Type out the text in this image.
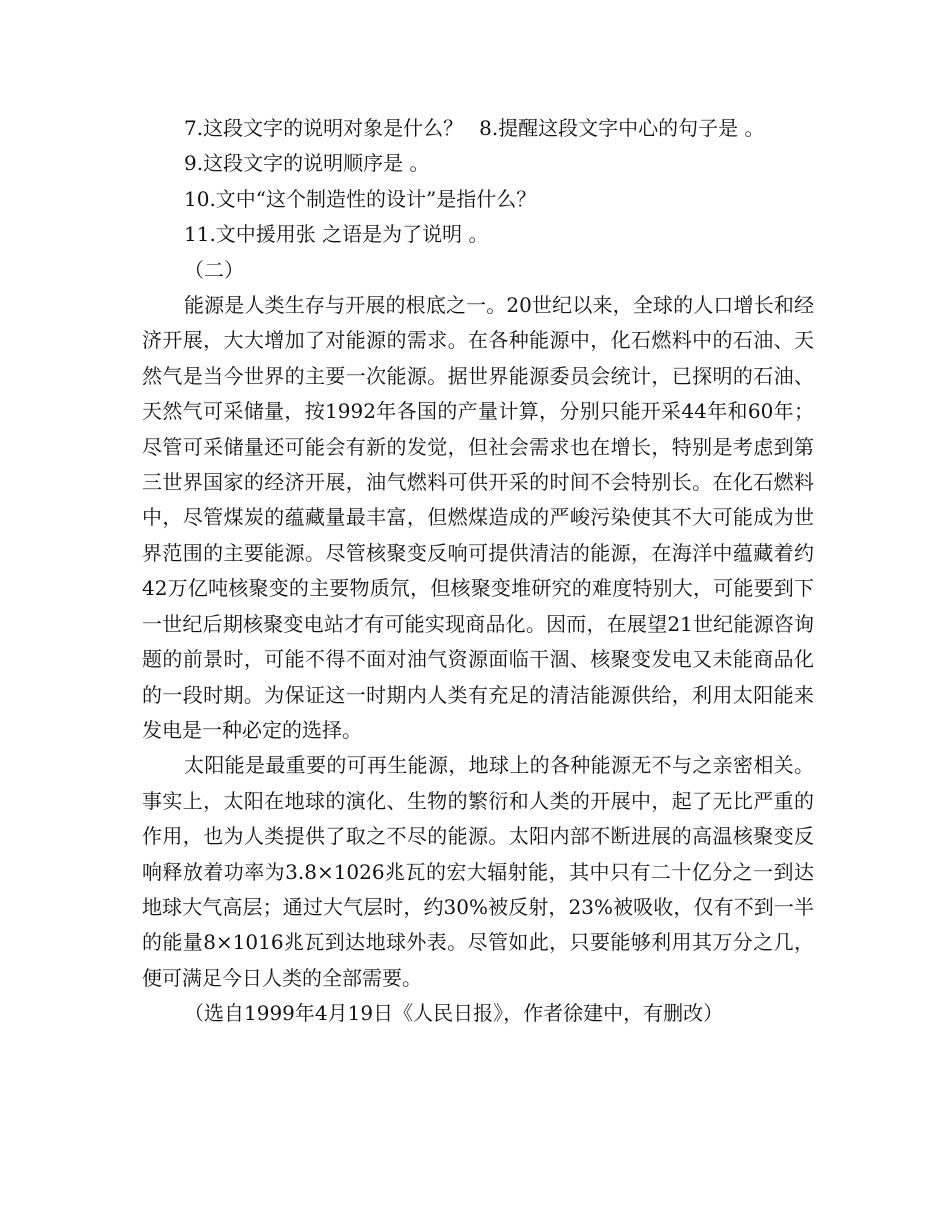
7.这段文字的说明对象是什么？ 8.提醒这段文字中心的句子是 。

9.这段文字的说明顺序是 。

10.文中“这个制造性的设计”是指什么？

11.文中援用张 之语是为了说明 。

（二）

能源是人类生存与开展的根底之一。20世纪以来，全球的人口增长和经济开展，大大增加了对能源的需求。在各种能源中，化石燃料中的石油、天然气是当今世界的主要一次能源。据世界能源委员会统计，已探明的石油、天然气可采储量，按1992年各国的产量计算，分别只能开采44年和60年；尽管可采储量还可能会有新的发觉，但社会需求也在增长，特别是考虑到第三世界国家的经济开展，油气燃料可供开采的时间不会特别长。在化石燃料中，尽管煤炭的蕴藏量最丰富，但燃煤造成的严峻污染使其不大可能成为世界范围的主要能源。尽管核聚变反响可提供清洁的能源，在海洋中蕴藏着约42万亿吨核聚变的主要物质氘，但核聚变堆研究的难度特别大，可能要到下一世纪后期核聚变电站才有可能实现商品化。因而，在展望21世纪能源咨询题的前景时，可能不得不面对油气资源面临干涸、核聚变发电又未能商品化的一段时期。为保证这一时期内人类有充足的清洁能源供给，利用太阳能来发电是一种必定的选择。

太阳能是最重要的可再生能源，地球上的各种能源无不与之亲密相关。事实上，太阳在地球的演化、生物的繁衍和人类的开展中，起了无比严重的作用，也为人类提供了取之不尽的能源。太阳内部不断进展的高温核聚变反响释放着功率为3.8×1026兆瓦的宏大辐射能，其中只有二十亿分之一到达地球大气高层；通过大气层时，约30%被反射，23%被吸收，仅有不到一半的能量8×1016兆瓦到达地球外表。尽管如此，只要能够利用其万分之几，便可满足今日人类的全部需要。

（选自1999年4月19日《人民日报》，作者徐建中，有删改）
